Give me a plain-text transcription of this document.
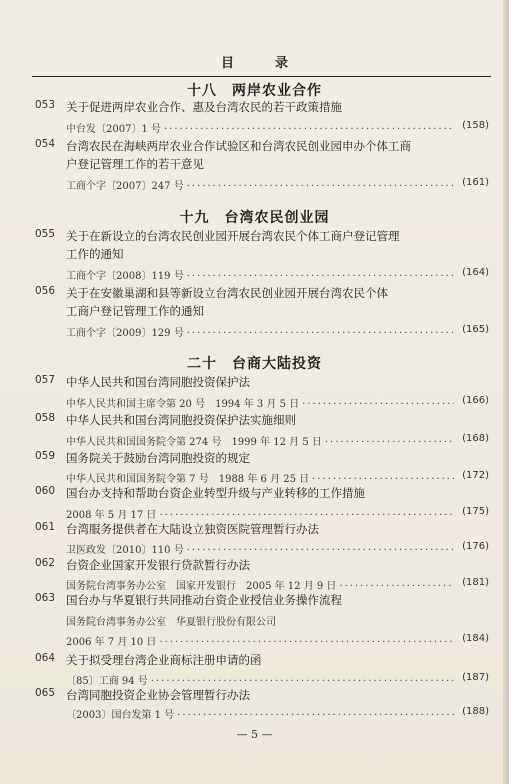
目　录
十八　两岸农业合作
053 关于促进两岸农业合作、惠及台湾农民的若干政策措施
(158)
中台发〔2007〕1 号
·····
054 台湾农民在海峡两岸农业合作试验区和台湾农民创业园申办个体工商
户登记管理工作的若干意见
(161)
工商个字〔2007〕247 号
·····
十九　台湾农民创业园
055 关于在新设立的台湾农民创业园开展台湾农民个体工商户登记管理
工作的通知
(164)
工商个字〔2008〕119 号
·····
056 关于在安徽巢湖和县等新设立台湾农民创业园开展台湾农民个体
工商户登记管理工作的通知
(165)
工商个字〔2009〕129 号
·····
二十　台商大陆投资
057 中华人民共和国台湾同胞投资保护法
(166)
中华人民共和国主席令第 20 号　1994 年 3 月 5 日
·····
058 中华人民共和国台湾同胞投资保护法实施细则
(168)
中华人民共和国国务院令第 274 号　1999 年 12 月 5 日
·····
059 国务院关于鼓励台湾同胞投资的规定
(172)
中华人民共和国国务院令第 7 号　1988 年 6 月 25 日
·····
060 国台办支持和帮助台资企业转型升级与产业转移的工作措施
(175)
2008 年 5 月 17 日
·····
061 台湾服务提供者在大陆设立独资医院管理暂行办法
(176)
卫医政发〔2010〕110 号
·····
062 台资企业国家开发银行贷款暂行办法
(181)
国务院台湾事务办公室　国家开发银行　2005 年 12 月 9 日
·····
063 国台办与华夏银行共同推动台资企业授信业务操作流程
国务院台湾事务办公室　华夏银行股份有限公司
(184)
2006 年 7 月 10 日
·····
064 关于拟受理台湾企业商标注册申请的函
(187)
〔85〕工商 94 号
·····
065 台湾同胞投资企业协会管理暂行办法
(188)
〔2003〕国台发第 1 号
·····
— 5 —
